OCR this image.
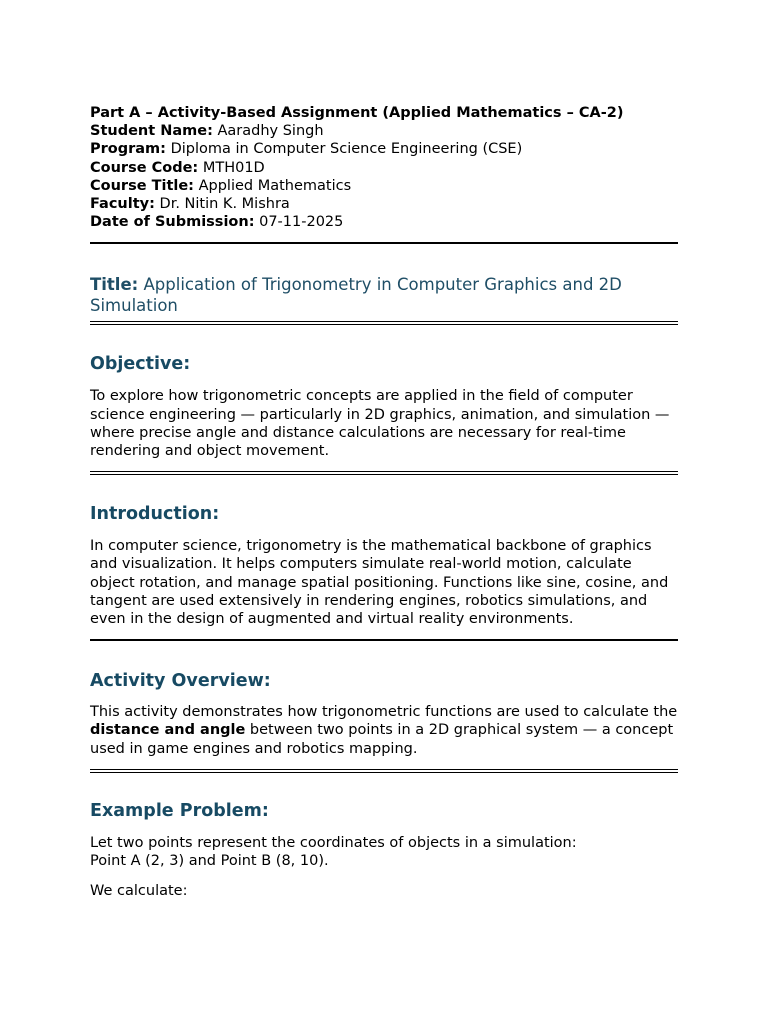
Part A – Activity-Based Assignment (Applied Mathematics – CA-2)

Student Name: Aaradhy Singh

Program: Diploma in Computer Science Engineering (CSE)

Course Code: MTH01D

Course Title: Applied Mathematics

Faculty: Dr. Nitin K. Mishra

Date of Submission: 07-11-2025

Title: Application of Trigonometry in Computer Graphics and 2D Simulation

Objective:

To explore how trigonometric concepts are applied in the field of computer science engineering — particularly in 2D graphics, animation, and simulation — where precise angle and distance calculations are necessary for real-time rendering and object movement.

Introduction:

In computer science, trigonometry is the mathematical backbone of graphics and visualization. It helps computers simulate real-world motion, calculate object rotation, and manage spatial positioning. Functions like sine, cosine, and tangent are used extensively in rendering engines, robotics simulations, and even in the design of augmented and virtual reality environments.

Activity Overview:

This activity demonstrates how trigonometric functions are used to calculate the distance and angle between two points in a 2D graphical system — a concept used in game engines and robotics mapping.

Example Problem:

Let two points represent the coordinates of objects in a simulation:

Point A (2, 3) and Point B (8, 10).

We calculate:
